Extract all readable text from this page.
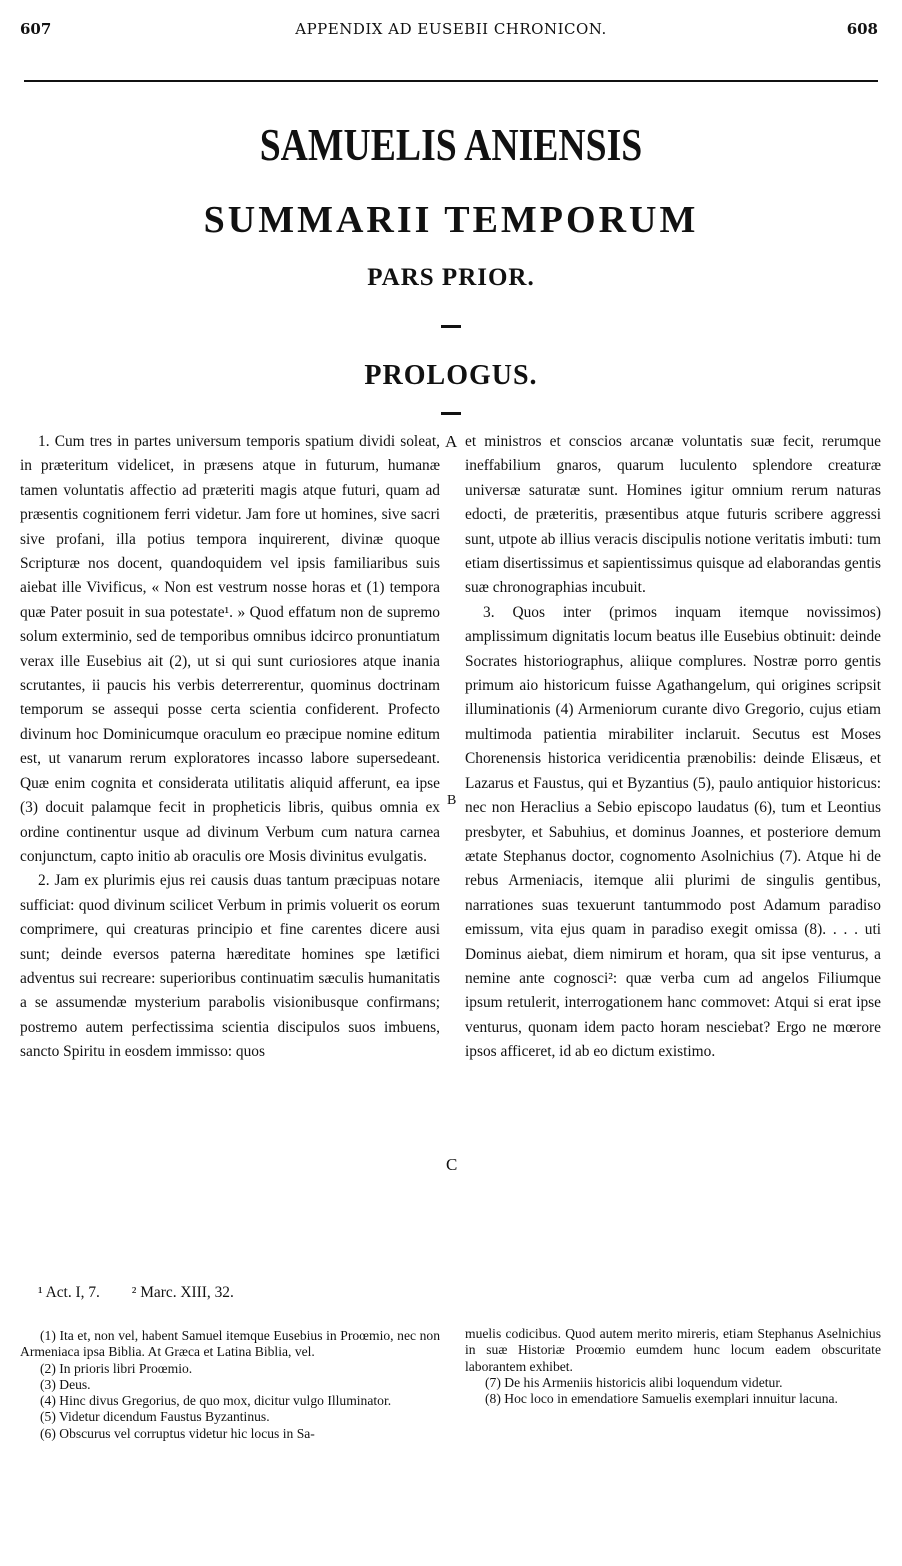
607	APPENDIX AD EUSEBII CHRONICON.	608
SAMUELIS ANIENSIS
SUMMARII TEMPORUM
PARS PRIOR.
PROLOGUS.

1. Cum tres in partes universum temporis spatium dividi soleat, in præteritum videlicet, in præsens atque in futurum, humanæ tamen voluntatis affectio ad præteriti magis atque futuri, quam ad præsentis cognitionem ferri videtur. Jam fore ut homines, sive sacri sive profani, illa potius tempora inquirerent, divinæ quoque Scripturæ nos docent, quandoquidem vel ipsis familiaribus suis aiebat ille Vivificus, « Non est vestrum nosse horas et (1) tempora quæ Pater posuit in sua potestate¹. » Quod effatum non de supremo solum exterminio, sed de temporibus omnibus idcirco pronuntiatum verax ille Eusebius ait (2), ut si qui sunt curiosiores atque inania scrutantes, ii paucis his verbis deterrerentur, quominus doctrinam temporum se assequi posse certa scientia confiderent. Profecto divinum hoc Dominicumque oraculum eo præcipue nomine editum est, ut vanarum rerum exploratores incasso labore supersedeant. Quæ enim cognita et considerata utilitatis aliquid afferunt, ea ipse (3) docuit palamque fecit in propheticis libris, quibus omnia ex ordine continentur usque ad divinum Verbum cum natura carnea conjunctum, capto initio ab oraculis ore Mosis divinitus evulgatis.

2. Jam ex plurimis ejus rei causis duas tantum præcipuas notare sufficiat: quod divinum scilicet Verbum in primis voluerit os eorum comprimere, qui creaturas principio et fine carentes dicere ausi sunt; deinde eversos paterna hæreditate homines spe lætifici adventus sui recreare: superioribus continuatim sæculis humanitatis a se assumendæ mysterium parabolis visionibusque confirmans; postremo autem perfectissima scientia discipulos suos imbuens, sancto Spiritu in eosdem immisso: quos

A
B
C

et ministros et conscios arcanæ voluntatis suæ fecit, rerumque ineffabilium gnaros, quarum luculento splendore creaturæ universæ saturatæ sunt. Homines igitur omnium rerum naturas edocti, de præteritis, præsentibus atque futuris scribere aggressi sunt, utpote ab illius veracis discipulis notione veritatis imbuti: tum etiam disertissimus et sapientissimus quisque ad elaborandas gentis suæ chronographias incubuit.

3. Quos inter (primos inquam itemque novissimos) amplissimum dignitatis locum beatus ille Eusebius obtinuit: deinde Socrates historiographus, aliique complures. Nostræ porro gentis primum aio historicum fuisse Agathangelum, qui origines scripsit illuminationis (4) Armeniorum curante divo Gregorio, cujus etiam multimoda patientia mirabiliter inclaruit. Secutus est Moses Chorenensis historica veridicentia prænobilis: deinde Elisæus, et Lazarus et Faustus, qui et Byzantius (5), paulo antiquior historicus: nec non Heraclius a Sebio episcopo laudatus (6), tum et Leontius presbyter, et Sabuhius, et dominus Joannes, et posteriore demum ætate Stephanus doctor, cognomento Asolnichius (7). Atque hi de rebus Armeniacis, itemque alii plurimi de singulis gentibus, narrationes suas texuerunt tantummodo post Adamum paradiso emissum, vita ejus quam in paradiso exegit omissa (8). . . . uti Dominus aiebat, diem nimirum et horam, qua sit ipse venturus, a nemine ante cognosci²: quæ verba cum ad angelos Filiumque ipsum retulerit, interrogationem hanc commovet: Atqui si erat ipse venturus, quonam idem pacto horam nesciebat? Ergo ne mœrore ipsos afficeret, id ab eo dictum existimo.

¹ Act. I, 7. ² Marc. XIII, 32.

(1) Ita et, non vel, habent Samuel itemque Eusebius in Proœmio, nec non Armeniaca ipsa Biblia. At Græca et Latina Biblia, vel.

(2) In prioris libri Proœmio.

(3) Deus.

(4) Hinc divus Gregorius, de quo mox, dicitur vulgo Illuminator.

(5) Videtur dicendum Faustus Byzantinus.

(6) Obscurus vel corruptus videtur hic locus in Sa-

muelis codicibus. Quod autem merito mireris, etiam Stephanus Aselnichius in suæ Historiæ Proœmio eumdem hunc locum eadem obscuritate laborantem exhibet.

(7) De his Armeniis historicis alibi loquendum videtur.

(8) Hoc loco in emendatiore Samuelis exemplari innuitur lacuna.
